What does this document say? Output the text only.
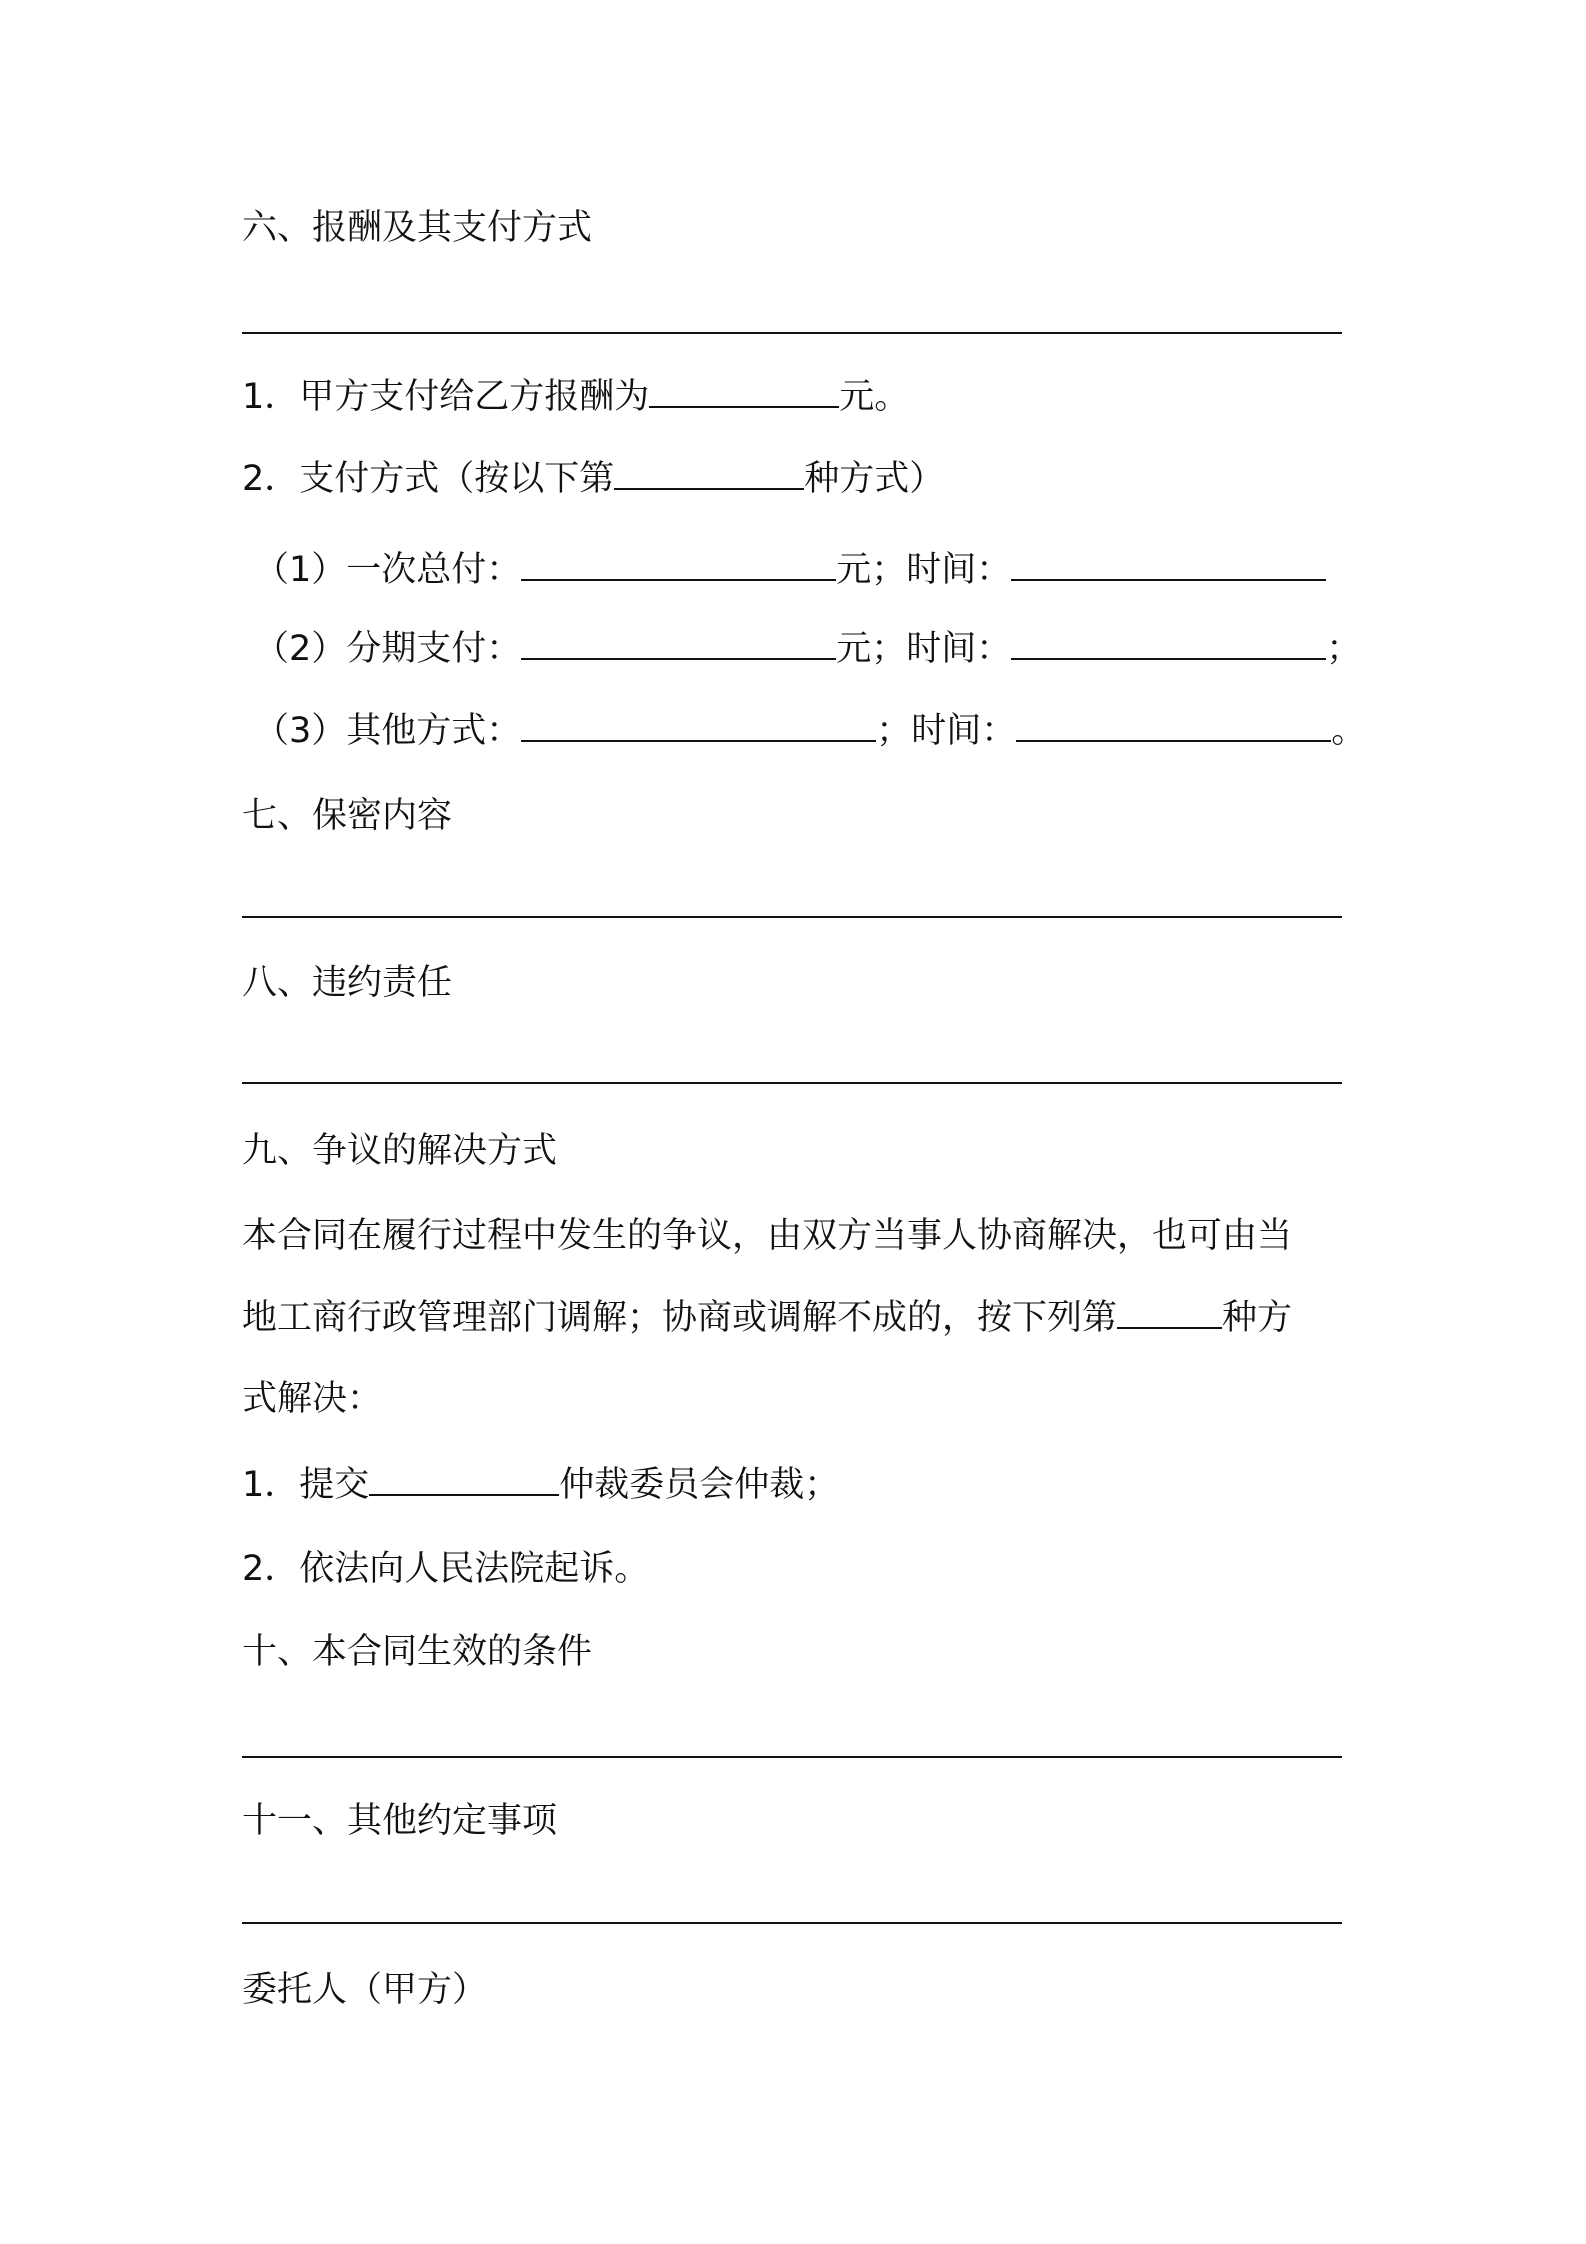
六、报酬及其支付方式
1．甲方支付给乙方报酬为	元。
2．支付方式（按以下第	种方式）
（1）一次总付：	元；时间：
（2）分期支付：	元；时间：	；
（3）其他方式：	；时间：	。
七、保密内容
八、违约责任
九、争议的解决方式
本合同在履行过程中发生的争议，由双方当事人协商解决，也可由当
地工商行政管理部门调解；协商或调解不成的，按下列第	种方
式解决：
1．提交	仲裁委员会仲裁；
2．依法向人民法院起诉。
十、本合同生效的条件
十一、其他约定事项
委托人（甲方）
